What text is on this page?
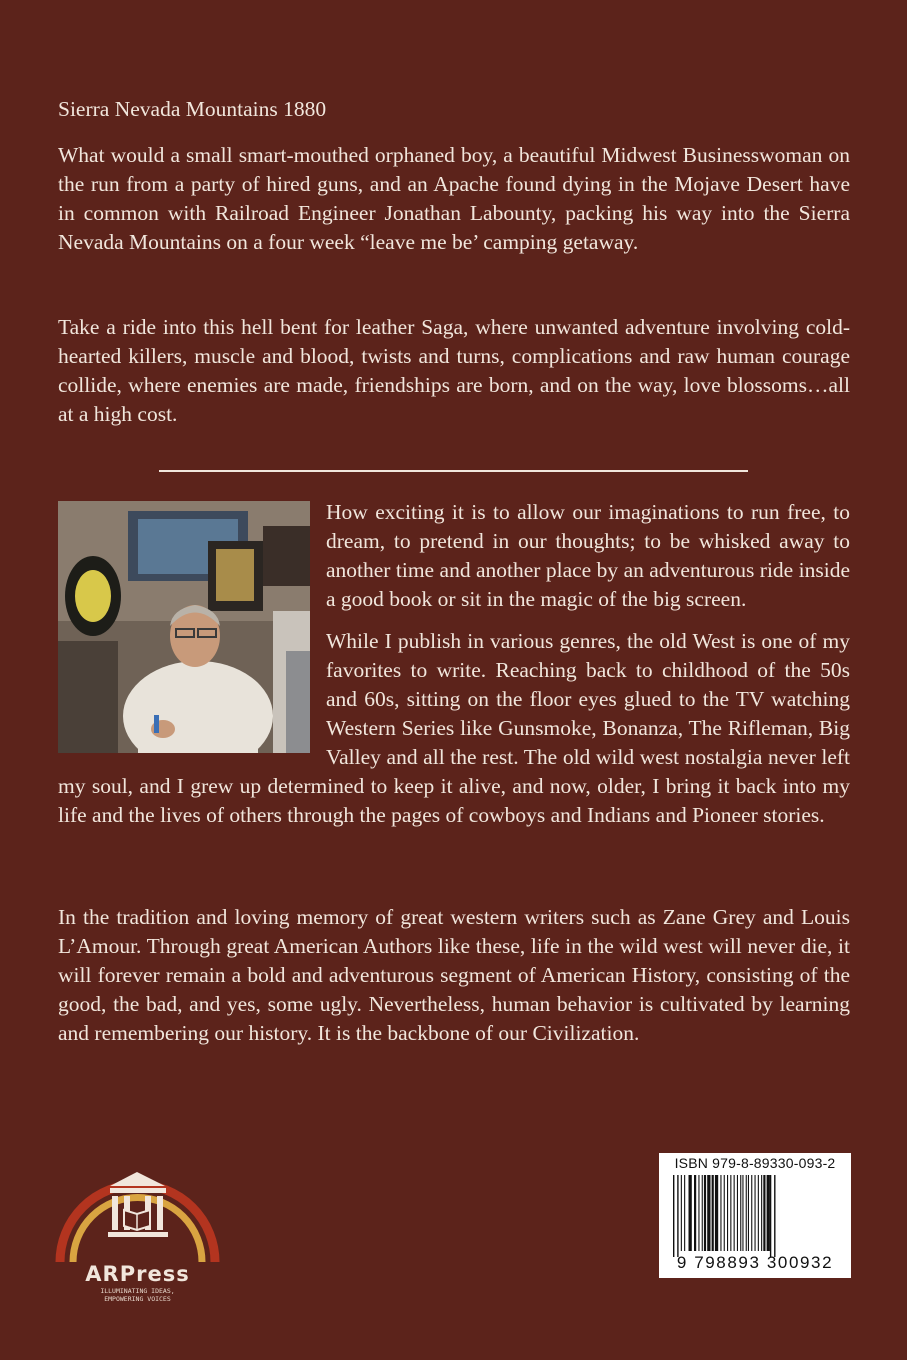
Sierra Nevada Mountains 1880

What would a small smart-mouthed orphaned boy, a beautiful Midwest Businesswoman on the run from a party of hired guns, and an Apache found dying in the Mojave Desert have in common with Railroad Engineer Jonathan Labounty, packing his way into the Sierra Nevada Mountains on a four week “leave me be’ camping getaway.

Take a ride into this hell bent for leather Saga, where unwanted adventure involving cold-hearted killers, muscle and blood, twists and turns, complications and raw human courage collide, where enemies are made, friendships are born, and on the way, love blossoms…all at a high cost.

How exciting it is to allow our imaginations to run free, to dream, to pretend in our thoughts; to be whisked away to another time and another place by an adventurous ride inside a good book or sit in the magic of the big screen.

While I publish in various genres, the old West is one of my favorites to write. Reaching back to childhood of the 50s and 60s, sitting on the floor eyes glued to the TV watching Western Series like Gunsmoke, Bonanza, The Rifleman, Big Valley and all the rest. The old wild west nostalgia never left my soul, and I grew up determined to keep it alive, and now, older, I bring it back into my life and the lives of others through the pages of cowboys and Indians and Pioneer stories.

In the tradition and loving memory of great western writers such as Zane Grey and Louis L’Amour. Through great American Authors like these, life in the wild west will never die, it will forever remain a bold and adventurous segment of American History, consisting of the good, the bad, and yes, some ugly. Nevertheless, human behavior is cultivated by learning and remembering our history. It is the backbone of our Civilization.

ARPress
ILLUMINATING IDEAS,
EMPOWERING VOICES
ISBN 979-8-89330-093-2
9 798893 300932
